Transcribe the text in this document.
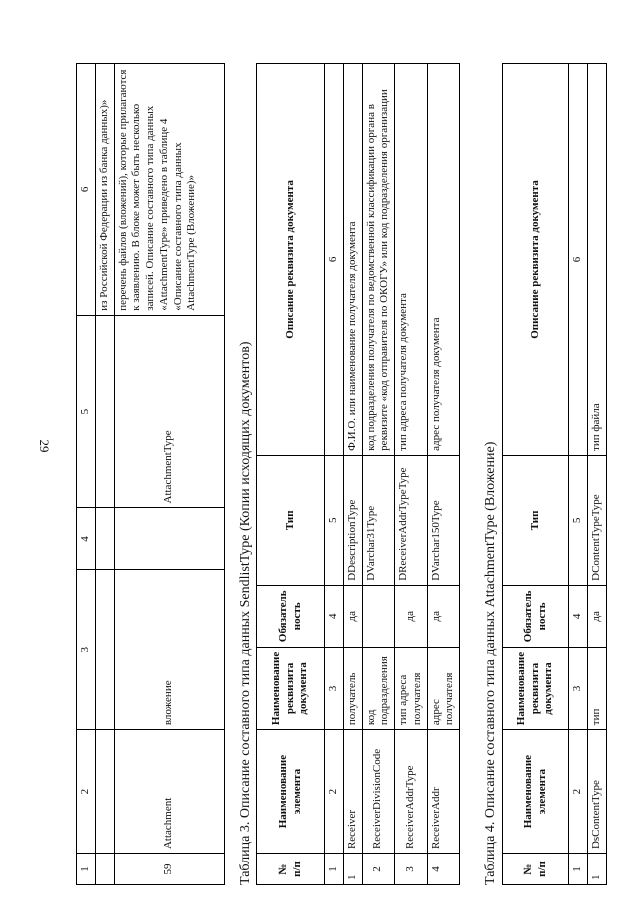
29
1	2	3	4	5	6
					из Российской Федерации из банка данных)»
59	Attachment	вложение		AttachmentType	перечень файлов (вложений), которые прилагаются к заявлению. В блоке может быть несколько записей. Описание составного типа данных «AttachmentType» приведено в таблице 4 «Описание составного типа данных AttachmentType (Вложение)»
Таблица 3. Описание составного типа данных SendlistType (Копии исходящих документов) № п/п	Наименование элемента	Наименование реквизита документа	Обязатель ность	Тип	Описание реквизита документа
1	2	3	4	5	6
1	Receiver	получатель	да	DDescriptionType	Ф.И.О. или наименование получателя документа
2	ReceiverDivisionCode	код подразделения		DVarchar31Type	код подразделения получателя по ведомственной классификации органа в реквизите «код отправителя по ОКОГУ» или код подразделения организации
3	ReceiverAddrType	тип адреса получателя	да	DReceiverAddrTypeType	тип адреса получателя документа
4	ReceiverAddr	адрес получателя	да	DVarchar150Type	адрес получателя документа
Таблица 4. Описание составного типа данных AttachmentType (Вложение) № п/п	Наименование элемента	Наименование реквизита документа	Обязатель ность	Тип	Описание реквизита документа
1	2	3	4	5	6
1	DsContentType	тип	да	DContentTypeType	тип файла
